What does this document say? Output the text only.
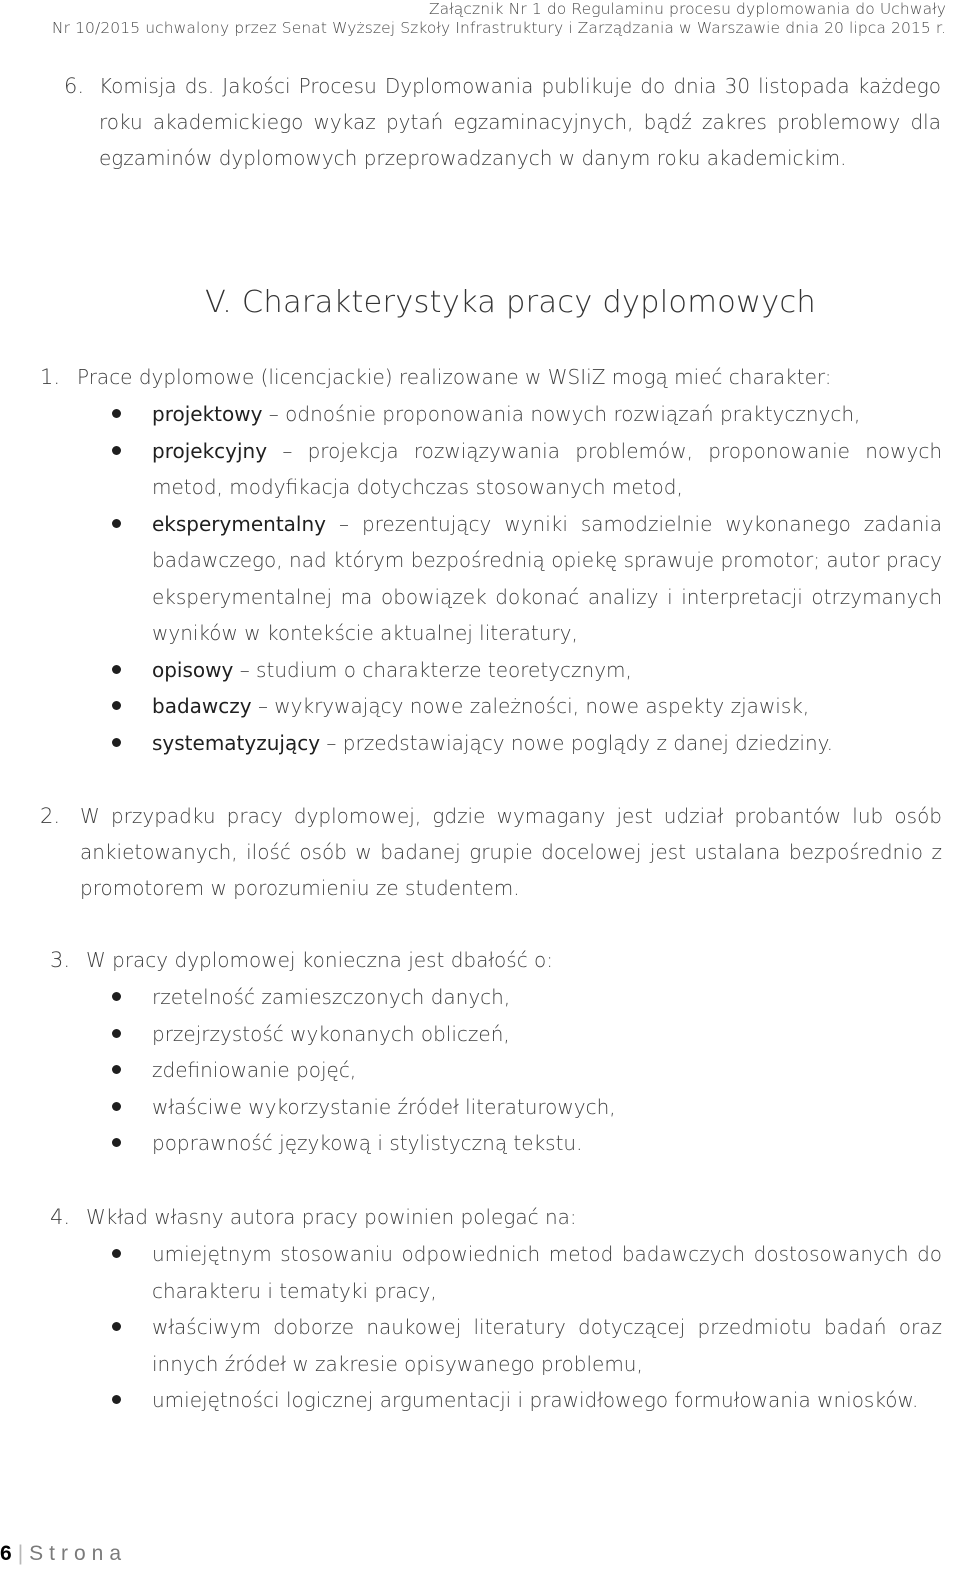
Załącznik Nr 1 do Regulaminu procesu dyplomowania do Uchwały
Nr 10/2015 uchwalony przez Senat Wyższej Szkoły Infrastruktury i Zarządzania w Warszawie dnia 20 lipca 2015 r.
6. Komisja ds. Jakości Procesu Dyplomowania publikuje do dnia 30 listopada każdego roku akademickiego wykaz pytań egzaminacyjnych, bądź zakres problemowy dla egzaminów dyplomowych przeprowadzanych w danym roku akademickim.
V. Charakterystyka pracy dyplomowych
1. Prace dyplomowe (licencjackie) realizowane w WSIiZ mogą mieć charakter:
projektowy – odnośnie proponowania nowych rozwiązań praktycznych,
projekcyjny – projekcja rozwiązywania problemów, proponowanie nowych metod, modyfikacja dotychczas stosowanych metod,
eksperymentalny – prezentujący wyniki samodzielnie wykonanego zadania badawczego, nad którym bezpośrednią opiekę sprawuje promotor; autor pracy eksperymentalnej ma obowiązek dokonać analizy i interpretacji otrzymanych wyników w kontekście aktualnej literatury,
opisowy – studium o charakterze teoretycznym,
badawczy – wykrywający nowe zależności, nowe aspekty zjawisk,
systematyzujący – przedstawiający nowe poglądy z danej dziedziny.
2. W przypadku pracy dyplomowej, gdzie wymagany jest udział probantów lub osób ankietowanych, ilość osób w badanej grupie docelowej jest ustalana bezpośrednio z promotorem w porozumieniu ze studentem.
3. W pracy dyplomowej konieczna jest dbałość o:
rzetelność zamieszczonych danych,
przejrzystość wykonanych obliczeń,
zdefiniowanie pojęć,
właściwe wykorzystanie źródeł literaturowych,
poprawność językową i stylistyczną tekstu.
4. Wkład własny autora pracy powinien polegać na:
umiejętnym stosowaniu odpowiednich metod badawczych dostosowanych do charakteru i tematyki pracy,
właściwym doborze naukowej literatury dotyczącej przedmiotu badań oraz innych źródeł w zakresie opisywanego problemu,
umiejętności logicznej argumentacji i prawidłowego formułowania wniosków.
6 | Strona
